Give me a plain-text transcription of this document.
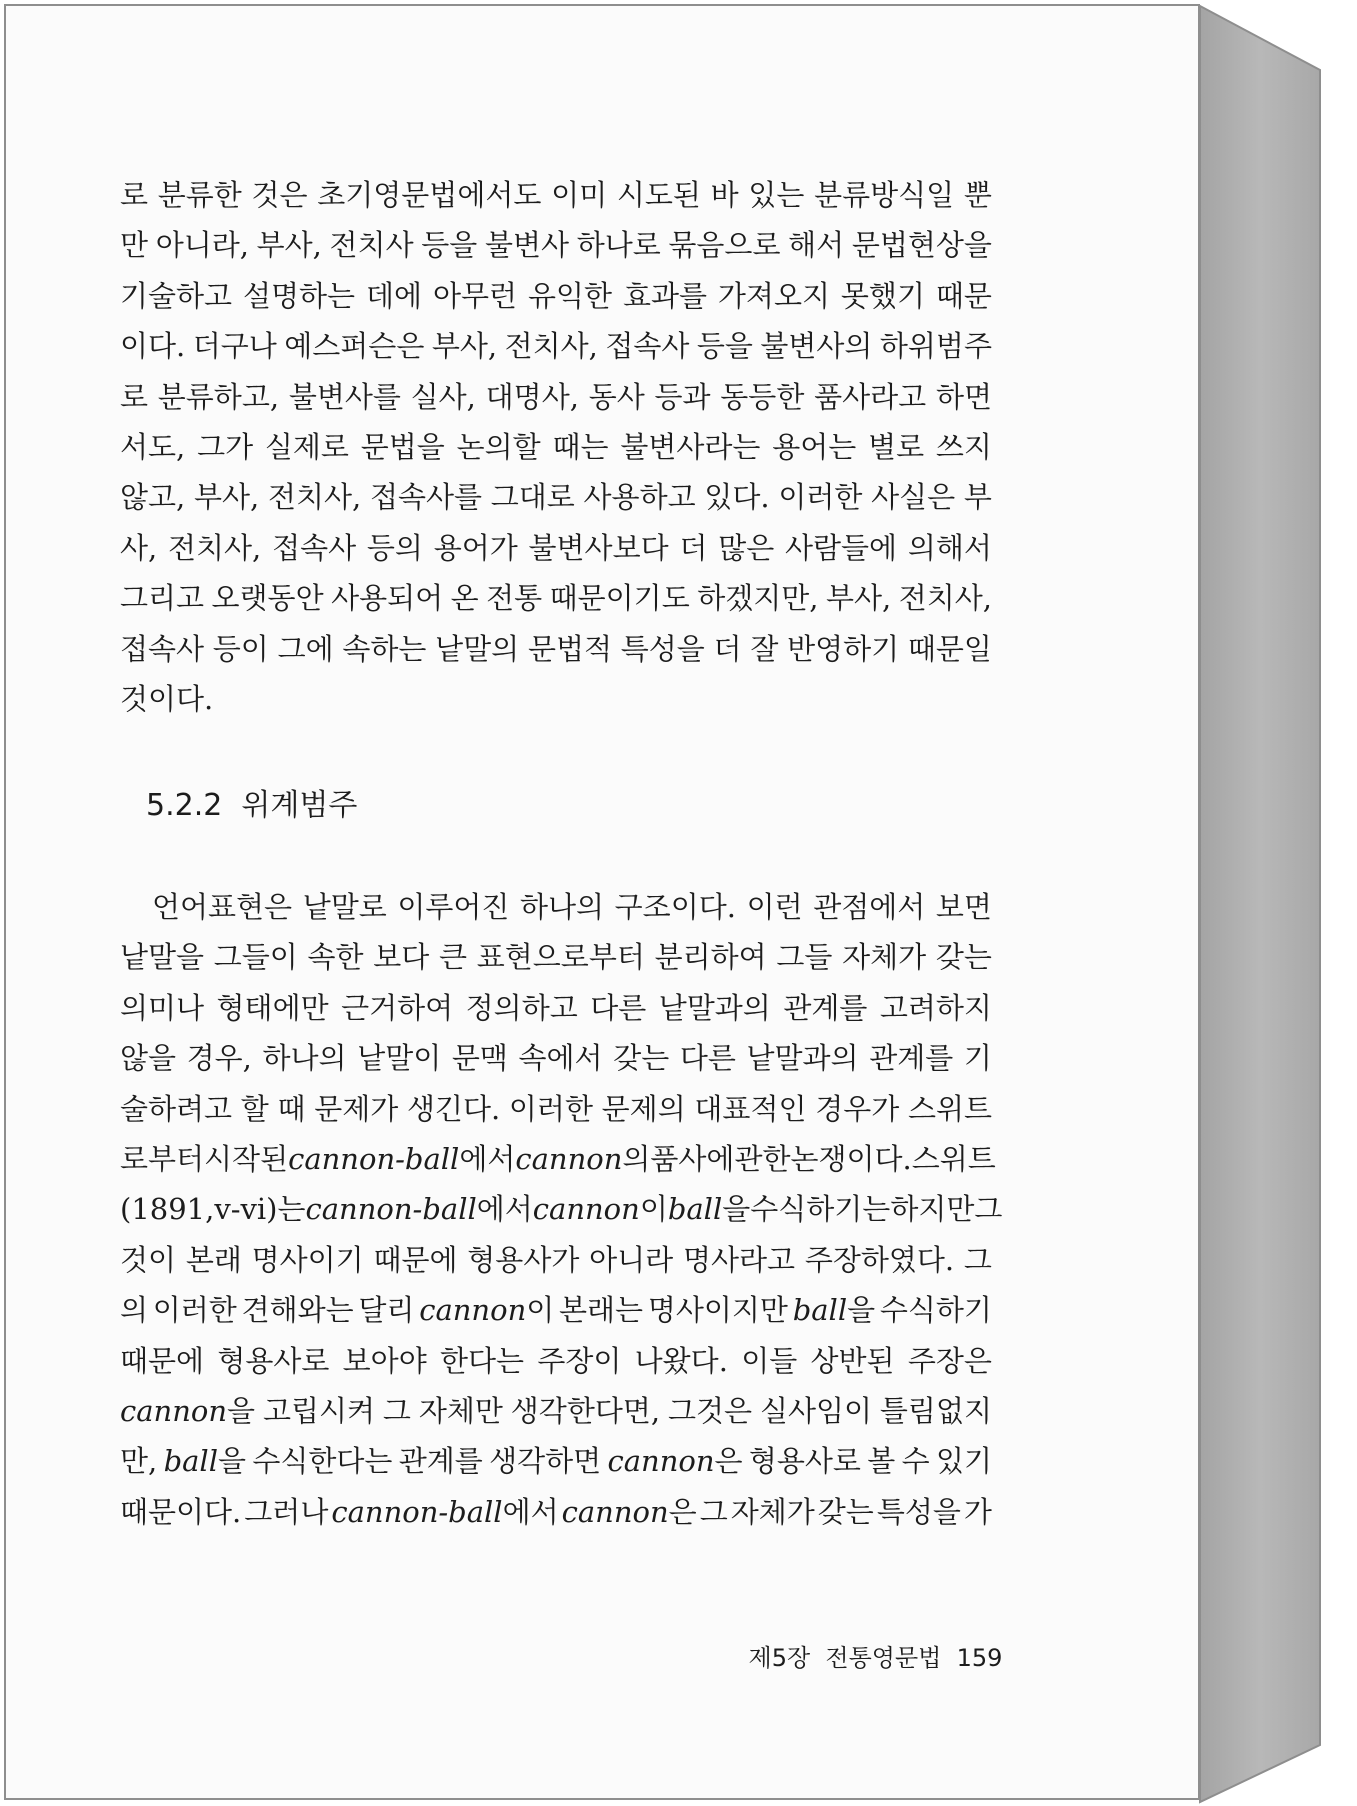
로 분류한 것은 초기영문법에서도 이미 시도된 바 있는 분류방식일 뿐
만 아니라, 부사, 전치사 등을 불변사 하나로 묶음으로 해서 문법현상을
기술하고 설명하는 데에 아무런 유익한 효과를 가져오지 못했기 때문
이다. 더구나 예스퍼슨은 부사, 전치사, 접속사 등을 불변사의 하위범주
로 분류하고, 불변사를 실사, 대명사, 동사 등과 동등한 품사라고 하면
서도, 그가 실제로 문법을 논의할 때는 불변사라는 용어는 별로 쓰지
않고, 부사, 전치사, 접속사를 그대로 사용하고 있다. 이러한 사실은 부
사, 전치사, 접속사 등의 용어가 불변사보다 더 많은 사람들에 의해서
그리고 오랫동안 사용되어 온 전통 때문이기도 하겠지만, 부사, 전치사,
접속사 등이 그에 속하는 낱말의 문법적 특성을 더 잘 반영하기 때문일
것이다.
5.2.2  위계범주
언어표현은 낱말로 이루어진 하나의 구조이다. 이런 관점에서 보면
낱말을 그들이 속한 보다 큰 표현으로부터 분리하여 그들 자체가 갖는
의미나 형태에만 근거하여 정의하고 다른 낱말과의 관계를 고려하지
않을 경우, 하나의 낱말이 문맥 속에서 갖는 다른 낱말과의 관계를 기
술하려고 할 때 문제가 생긴다. 이러한 문제의 대표적인 경우가 스위트
로부터 시작된 cannon-ball에서 cannon의 품사에 관한 논쟁이다. 스위트
(1891, v-vi)는 cannon-ball에서 cannon이 ball을 수식하기는 하지만 그
것이 본래 명사이기 때문에 형용사가 아니라 명사라고 주장하였다. 그
의 이러한 견해와는 달리 cannon이 본래는 명사이지만 ball을 수식하기
때문에 형용사로 보아야 한다는 주장이 나왔다. 이들 상반된 주장은
cannon을 고립시켜 그 자체만 생각한다면, 그것은 실사임이 틀림없지
만, ball을 수식한다는 관계를 생각하면 cannon은 형용사로 볼 수 있기
때문이다. 그러나 cannon-ball에서 cannon은 그 자체가 갖는 특성을 가

제5장  전통영문법 159
